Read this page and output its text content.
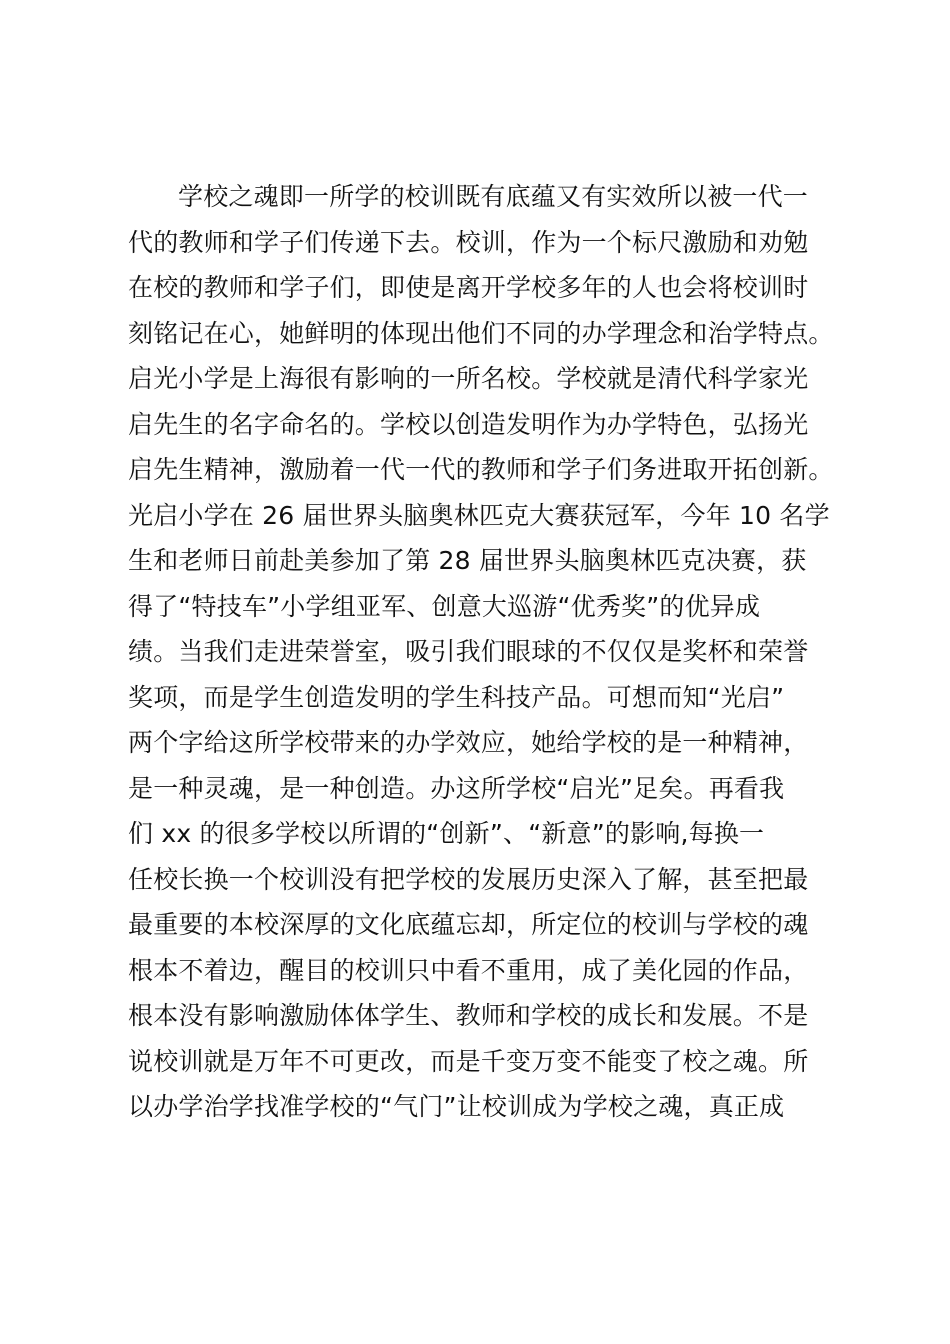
学校之魂即一所学的校训既有底蕴又有实效所以被一代一
代的教师和学子们传递下去。校训，作为一个标尺激励和劝勉
在校的教师和学子们，即使是离开学校多年的人也会将校训时
刻铭记在心，她鲜明的体现出他们不同的办学理念和治学特点。
启光小学是上海很有影响的一所名校。学校就是清代科学家光
启先生的名字命名的。学校以创造发明作为办学特色，弘扬光
启先生精神，激励着一代一代的教师和学子们务进取开拓创新。
光启小学在 26 届世界头脑奥林匹克大赛获冠军，今年 10 名学
生和老师日前赴美参加了第 28 届世界头脑奥林匹克决赛，获
得了“特技车”小学组亚军、创意大巡游“优秀奖”的优异成
绩。当我们走进荣誉室，吸引我们眼球的不仅仅是奖杯和荣誉
奖项，而是学生创造发明的学生科技产品。可想而知“光启”
两个字给这所学校带来的办学效应，她给学校的是一种精神，
是一种灵魂，是一种创造。办这所学校“启光”足矣。再看我
们 xx 的很多学校以所谓的“创新”、“新意”的影响,每换一
任校长换一个校训没有把学校的发展历史深入了解，甚至把最
最重要的本校深厚的文化底蕴忘却，所定位的校训与学校的魂
根本不着边，醒目的校训只中看不重用，成了美化园的作品，
根本没有影响激励体体学生、教师和学校的成长和发展。不是
说校训就是万年不可更改，而是千变万变不能变了校之魂。所
以办学治学找准学校的“气门”让校训成为学校之魂，真正成
